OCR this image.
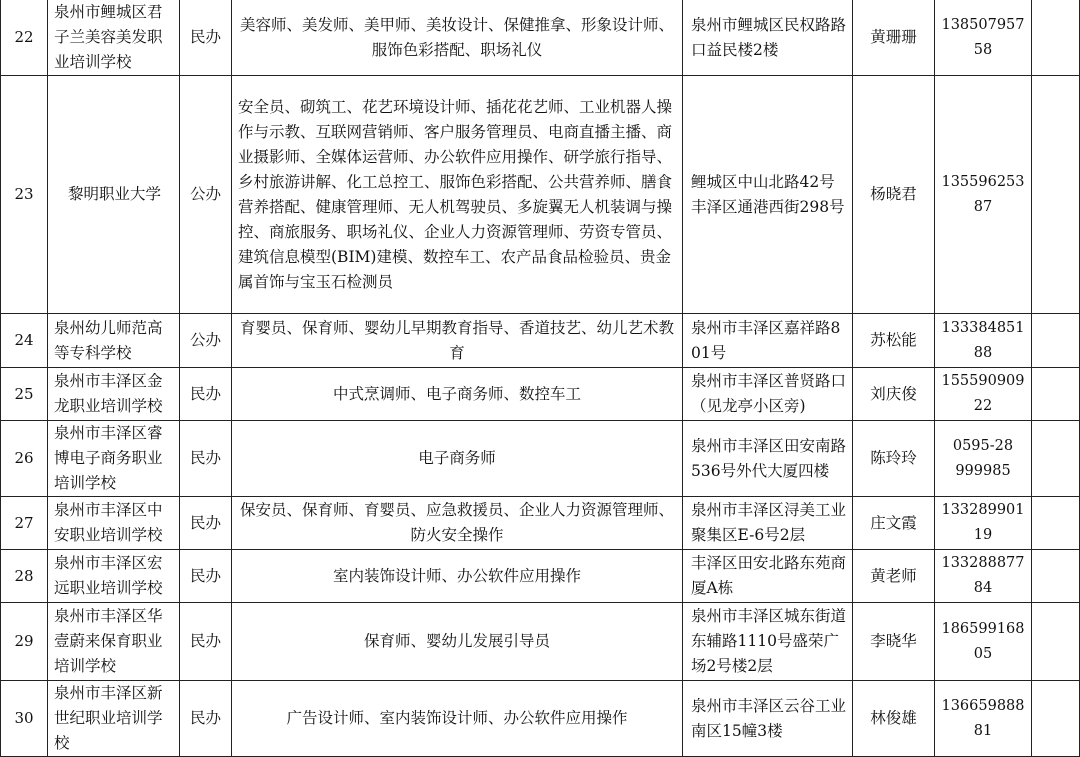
22	泉州市鲤城区君子兰美容美发职业培训学校	民办	美容师、美发师、美甲师、美妆设计、保健推拿、形象设计师、服饰色彩搭配、职场礼仪	泉州市鲤城区民权路路口益民楼2楼	黄珊珊	13850795758		
23	黎明职业大学	公办	安全员、砌筑工、花艺环境设计师、插花花艺师、工业机器人操作与示教、互联网营销师、客户服务管理员、电商直播主播、商业摄影师、全媒体运营师、办公软件应用操作、研学旅行指导、乡村旅游讲解、化工总控工、服饰色彩搭配、公共营养师、膳食营养搭配、健康管理师、无人机驾驶员、多旋翼无人机装调与操控、商旅服务、职场礼仪、企业人力资源管理师、劳资专管员、建筑信息模型(BIM)建模、数控车工、农产品食品检验员、贵金属首饰与宝玉石检测员	鲤城区中山北路42号丰泽区通港西街298号	杨晓君	13559625387		
24	泉州幼儿师范高等专科学校	公办	育婴员、保育师、婴幼儿早期教育指导、香道技艺、幼儿艺术教育	泉州市丰泽区嘉祥路801号	苏松能	13338485188		
25	泉州市丰泽区金龙职业培训学校	民办	中式烹调师、电子商务师、数控车工	泉州市丰泽区普贤路口（见龙亭小区旁)	刘庆俊	15559090922		
26	泉州市丰泽区睿博电子商务职业培训学校	民办	电子商务师	泉州市丰泽区田安南路536号外代大厦四楼	陈玲玲	0595-28999985		
27	泉州市丰泽区中安职业培训学校	民办	保安员、保育师、育婴员、应急救援员、企业人力资源管理师、防火安全操作	泉州市丰泽区浔美工业聚集区E-6号2层	庄文霞	13328990119		
28	泉州市丰泽区宏远职业培训学校	民办	室内装饰设计师、办公软件应用操作	丰泽区田安北路东苑商厦A栋	黄老师	13328887784		
29	泉州市丰泽区华壹蔚来保育职业培训学校	民办	保育师、婴幼儿发展引导员	泉州市丰泽区城东街道东辅路1110号盛荣广场2号楼2层	李晓华	18659916805		
30	泉州市丰泽区新世纪职业培训学校	民办	广告设计师、室内装饰设计师、办公软件应用操作	泉州市丰泽区云谷工业南区15幢3楼	林俊雄	13665988881		
